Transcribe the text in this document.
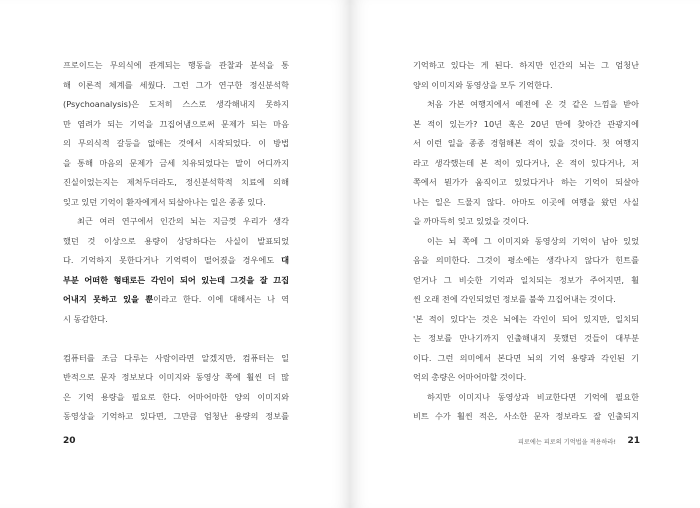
프로이드는 무의식에 관계되는 행동을 관찰과 분석을 통
해 이론적 체계를 세웠다. 그런 그가 연구한 정신분석학
(Psychoanalysis)은 도저히 스스로 생각해내지 못하지
만 염려가 되는 기억을 끄집어냄으로써 문제가 되는 마음
의 무의식적 갈등을 없애는 것에서 시작되었다. 이 방법
을 통해 마음의 문제가 금세 치유되었다는 말이 어디까지
진실이었는지는 제처두더라도, 정신분석학적 치료에 의해
잊고 있던 기억이 환자에게서 되살아나는 일은 종종 있다.
최근 여러 연구에서 인간의 뇌는 지금껏 우리가 생각
했던 것 이상으로 용량이 상당하다는 사실이 발표되었
다. 기억하지 못한다거나 기억력이 떨어졌을 경우에도 대
부분 어떠한 형태로든 각인이 되어 있는데 그것을 잘 끄집
어내지 못하고 있을 뿐이라고 한다. 이에 대해서는 나 역
시 동감한다.
컴퓨터를 조금 다루는 사람이라면 알겠지만, 컴퓨터는 일
반적으로 문자 정보보다 이미지와 동영상 쪽에 훨씬 더 많
은 기억 용량을 필요로 한다. 어마어마한 양의 이미지와
동영상을 기억하고 있다면, 그만큼 엄청난 용량의 정보를
20
기억하고 있다는 게 된다. 하지만 인간의 뇌는 그 엄청난
양의 이미지와 동영상을 모두 기억한다.
처음 가본 여행지에서 예전에 온 것 같은 느낌을 받아
본 적이 있는가? 10년 혹은 20년 만에 찾아간 관광지에
서 이런 일을 종종 경험해본 적이 있을 것이다. 첫 여행지
라고 생각했는데 본 적이 있다거나, 온 적이 있다거나, 저
쪽에서 뭔가가 움직이고 있었다거나 하는 기억이 되살아
나는 일은 드물지 않다. 아마도 이곳에 여행을 왔던 사실
을 까마득히 잊고 있었을 것이다.
이는 뇌 쪽에 그 이미지와 동영상의 기억이 남아 있었
음을 의미한다. 그것이 평소에는 생각나지 않다가 힌트를
얻거나 그 비슷한 기억과 일치되는 정보가 주어지면, 훨
씬 오래 전에 각인되었던 정보를 불쑥 끄집어내는 것이다.
'본 적이 있다'는 것은 뇌에는 각인이 되어 있지만, 일치되
는 정보를 만나기까지 인출해내지 못했던 것들이 대부분
이다. 그런 의미에서 본다면 뇌의 기억 용량과 각인된 기
억의 총량은 어마어마할 것이다.
하지만 이미지나 동영상과 비교한다면 기억에 필요한
비트 수가 훨씬 적은, 사소한 문자 정보라도 잘 인출되지
피로에는 피로의 기억법을 적용하라! 21
